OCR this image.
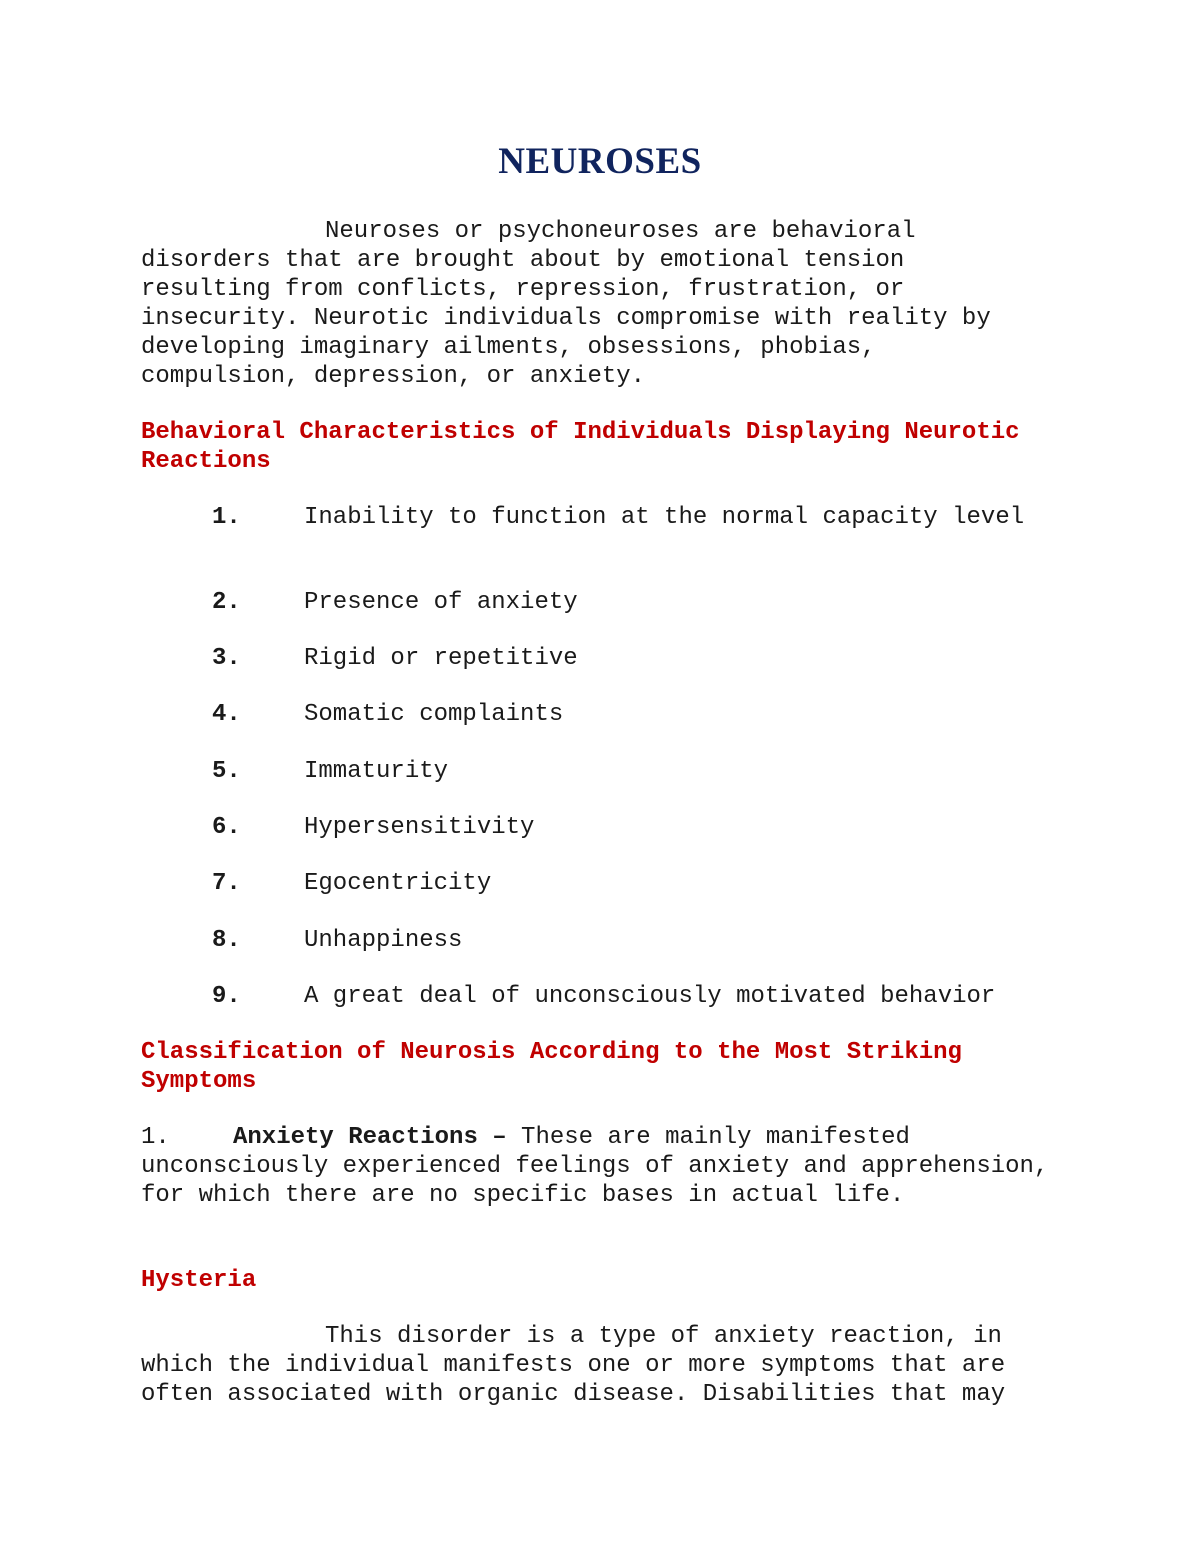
NEUROSES
Neuroses or psychoneuroses are behavioral
disorders that are brought about by emotional tension
resulting from conflicts, repression, frustration, or
insecurity. Neurotic individuals compromise with reality by
developing imaginary ailments, obsessions, phobias,
compulsion, depression, or anxiety.
Behavioral Characteristics of Individuals Displaying Neurotic Reactions
1.	Inability to function at the normal capacity level
2.	Presence of anxiety
3.	Rigid or repetitive
4.	Somatic complaints
5.	Immaturity
6.	Hypersensitivity
7.	Egocentricity
8.	Unhappiness
9.	A great deal of unconsciously motivated behavior
Classification of Neurosis According to the Most Striking Symptoms
1.	Anxiety Reactions – These are mainly manifested unconsciously experienced feelings of anxiety and apprehension, for which there are no specific bases in actual life.
Hysteria
This disorder is a type of anxiety reaction, in
which the individual manifests one or more symptoms that are
often associated with organic disease. Disabilities that may
